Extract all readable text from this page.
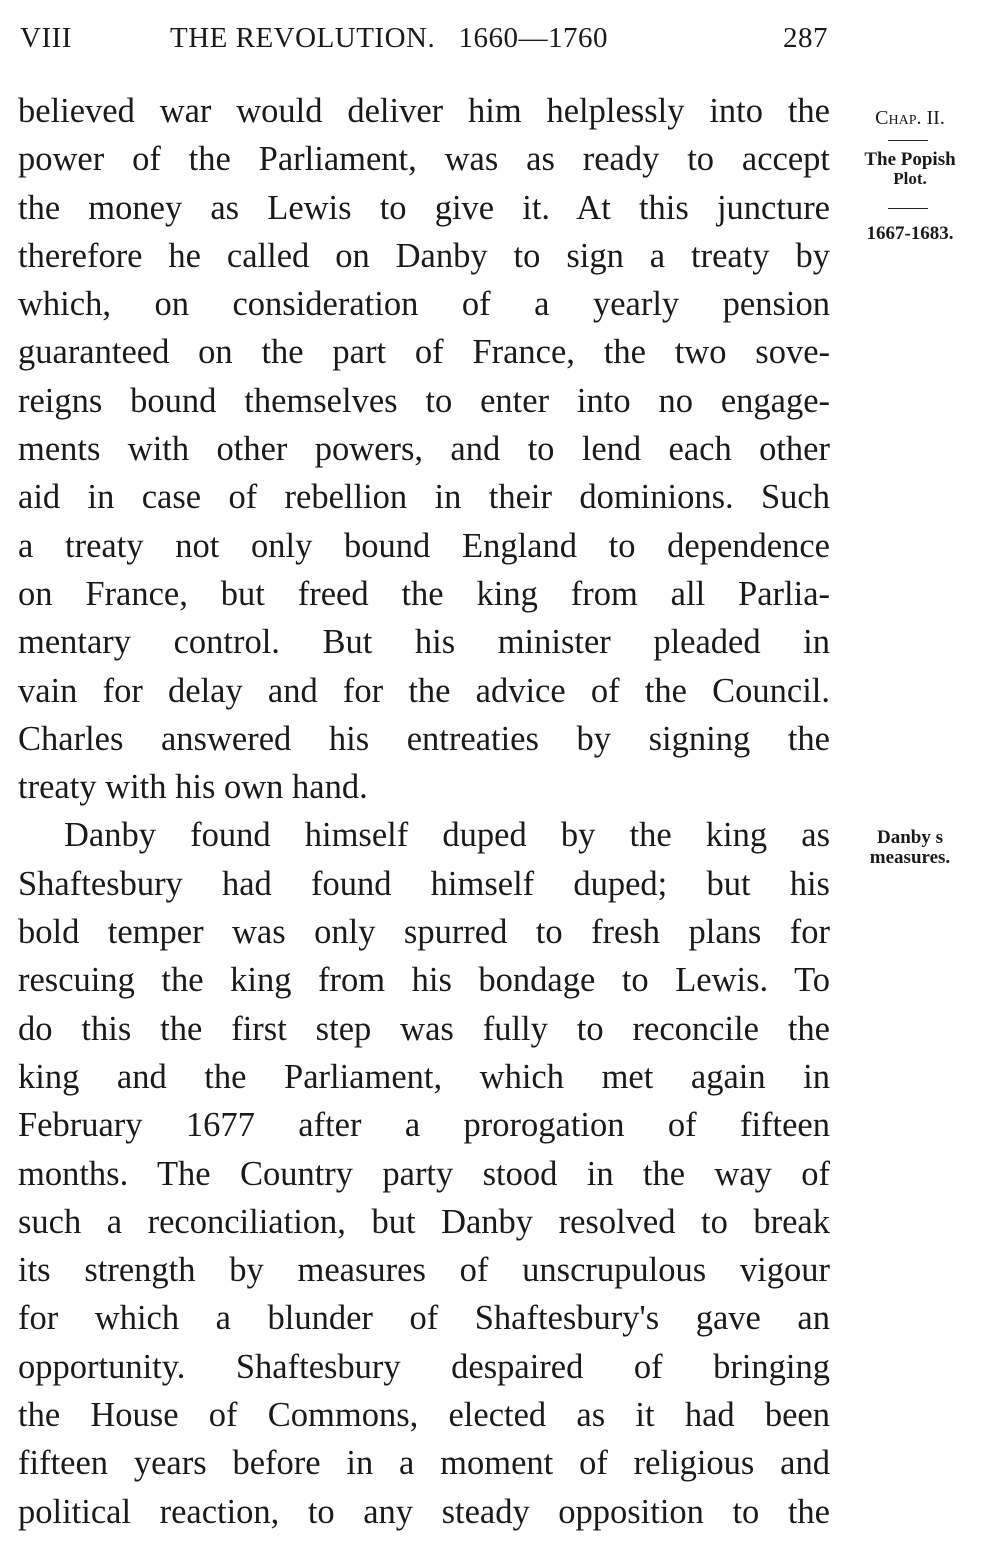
VIII	THE REVOLUTION.   1660—1760	287

believed war would deliver him helplessly into the
power of the Parliament, was as ready to accept
the money as Lewis to give it. At this juncture
therefore he called on Danby to sign a treaty by
which, on consideration of a yearly pension
guaranteed on the part of France, the two sove-
reigns bound themselves to enter into no engage-
ments with other powers, and to lend each other
aid in case of rebellion in their dominions. Such
a treaty not only bound England to dependence
on France, but freed the king from all Parlia-
mentary control. But his minister pleaded in
vain for delay and for the advice of the Council.
Charles answered his entreaties by signing the
treaty with his own hand.

Danby found himself duped by the king as
Shaftesbury had found himself duped; but his
bold temper was only spurred to fresh plans for
rescuing the king from his bondage to Lewis. To
do this the first step was fully to reconcile the
king and the Parliament, which met again in
February 1677 after a prorogation of fifteen
months. The Country party stood in the way of
such a reconciliation, but Danby resolved to break
its strength by measures of unscrupulous vigour
for which a blunder of Shaftesbury's gave an
opportunity. Shaftesbury despaired of bringing
the House of Commons, elected as it had been
fifteen years before in a moment of religious and
political reaction, to any steady opposition to the

Chap. II.
The Popish
Plot.
1667-1683.
Danby s
measures.
